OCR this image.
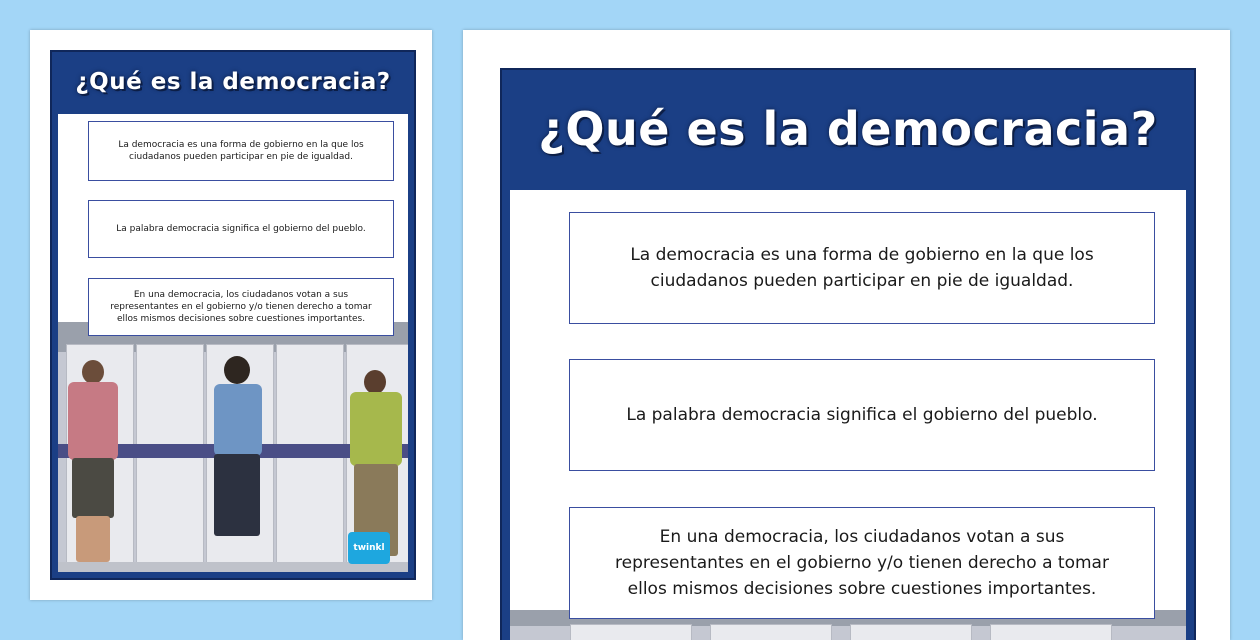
¿Qué es la democracia?
twinkl
La democracia es una forma de gobierno en la que los ciudadanos pueden participar en pie de igualdad.
La palabra democracia significa el gobierno del pueblo.
En una democracia, los ciudadanos votan a sus representantes en el gobierno y/o tienen derecho a tomar ellos mismos decisiones sobre cuestiones importantes.
¿Qué es la democracia?
La democracia es una forma de gobierno en la que los ciudadanos pueden participar en pie de igualdad.
La palabra democracia significa el gobierno del pueblo.
En una democracia, los ciudadanos votan a sus representantes en el gobierno y/o tienen derecho a tomar ellos mismos decisiones sobre cuestiones importantes.
